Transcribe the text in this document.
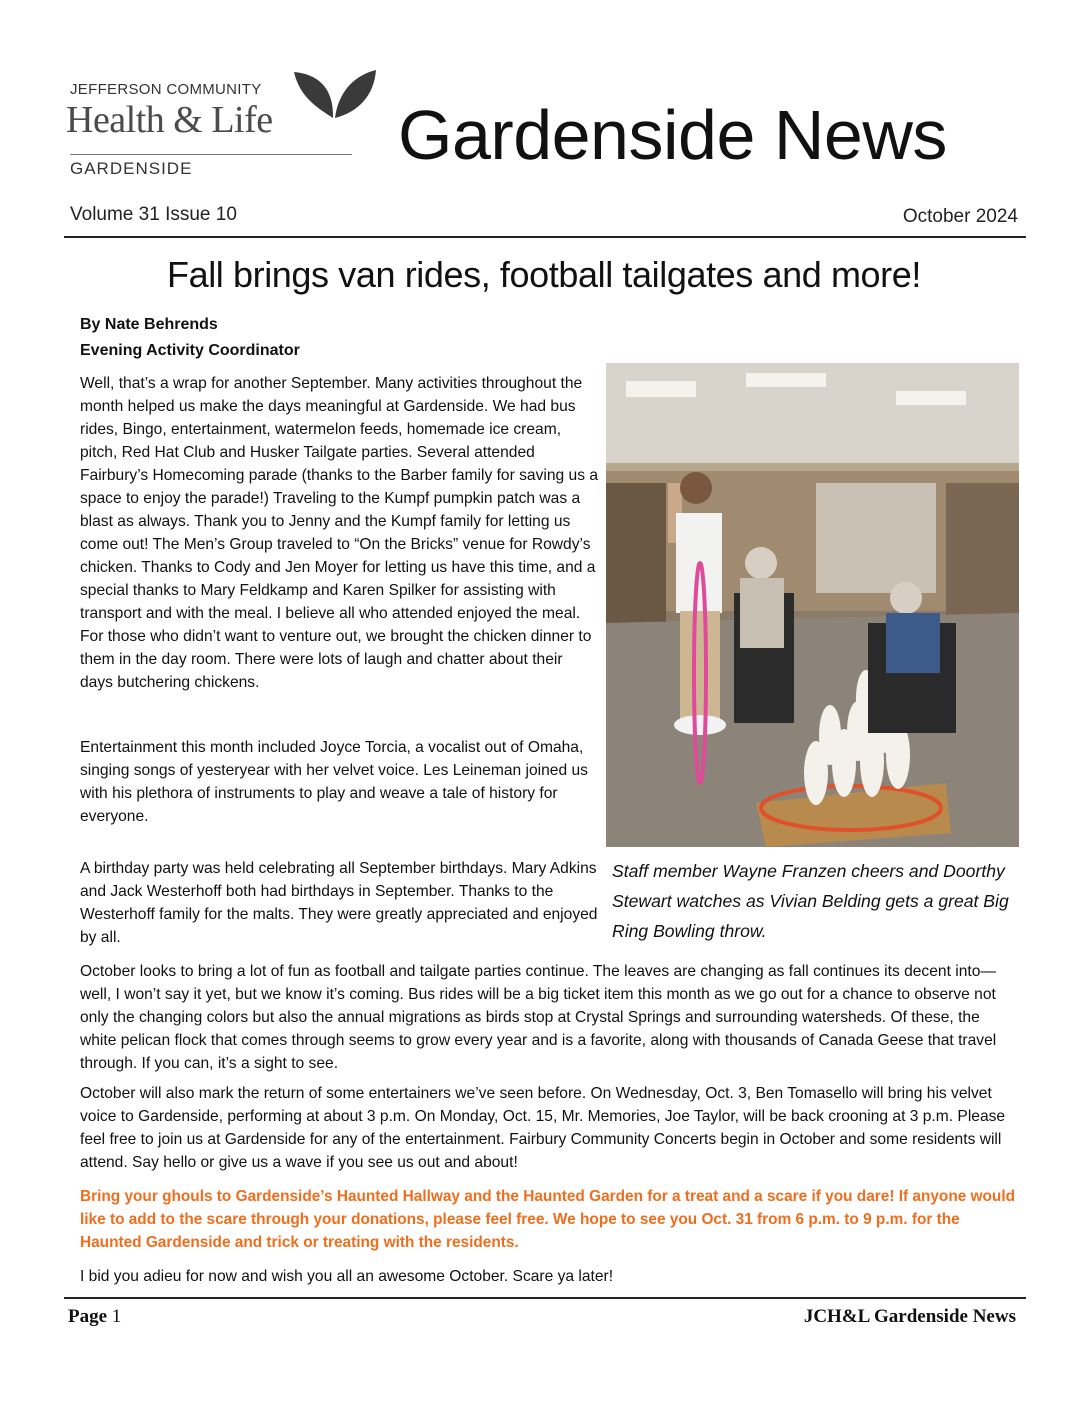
JEFFERSON COMMUNITY
Health & Life
GARDENSIDE	Gardenside News
Volume 31 Issue 10	October 2024
Fall brings van rides, football tailgates and more!
By Nate Behrends
Evening Activity Coordinator
Well, that’s a wrap for another September. Many activities throughout the month helped us make the days meaningful at Gardenside. We had bus rides, Bingo, entertainment, watermelon feeds, homemade ice cream, pitch, Red Hat Club and Husker Tailgate parties. Several attended Fairbury’s Homecoming parade (thanks to the Barber family for saving us a space to enjoy the parade!) Traveling to the Kumpf pumpkin patch was a blast as always. Thank you to Jenny and the Kumpf family for letting us come out! The Men’s Group traveled to “On the Bricks” venue for Rowdy’s chicken. Thanks to Cody and Jen Moyer for letting us have this time, and a special thanks to Mary Feldkamp and Karen Spilker for assisting with transport and with the meal. I believe all who attended enjoyed the meal. For those who didn’t want to venture out, we brought the chicken dinner to them in the day room. There were lots of laugh and chatter about their days butchering chickens.
Entertainment this month included Joyce Torcia, a vocalist out of Omaha, singing songs of yesteryear with her velvet voice. Les Leineman joined us with his plethora of instruments to play and weave a tale of history for everyone.
A birthday party was held celebrating all September birthdays. Mary Adkins and Jack Westerhoff both had birthdays in September. Thanks to the Westerhoff family for the malts. They were greatly appreciated and enjoyed by all.
Staff member Wayne Franzen cheers and Doorthy Stewart watches as Vivian Belding gets a great Big Ring Bowling throw.
October looks to bring a lot of fun as football and tailgate parties continue. The leaves are changing as fall continues its decent into—well, I won’t say it yet, but we know it’s coming. Bus rides will be a big ticket item this month as we go out for a chance to observe not only the changing colors but also the annual migrations as birds stop at Crystal Springs and surrounding watersheds. Of these, the white pelican flock that comes through seems to grow every year and is a favorite, along with thousands of Canada Geese that travel through. If you can, it’s a sight to see.
October will also mark the return of some entertainers we’ve seen before. On Wednesday, Oct. 3, Ben Tomasello will bring his velvet voice to Gardenside, performing at about 3 p.m. On Monday, Oct. 15, Mr. Memories, Joe Taylor, will be back crooning at 3 p.m. Please feel free to join us at Gardenside for any of the entertainment. Fairbury Community Concerts begin in October and some residents will attend. Say hello or give us a wave if you see us out and about!
Bring your ghouls to Gardenside’s Haunted Hallway and the Haunted Garden for a treat and a scare if you dare! If anyone would like to add to the scare through your donations, please feel free. We hope to see you Oct. 31 from 6 p.m. to 9 p.m. for the Haunted Gardenside and trick or treating with the residents.
I bid you adieu for now and wish you all an awesome October. Scare ya later!
Page 1	JCH&L Gardenside News
